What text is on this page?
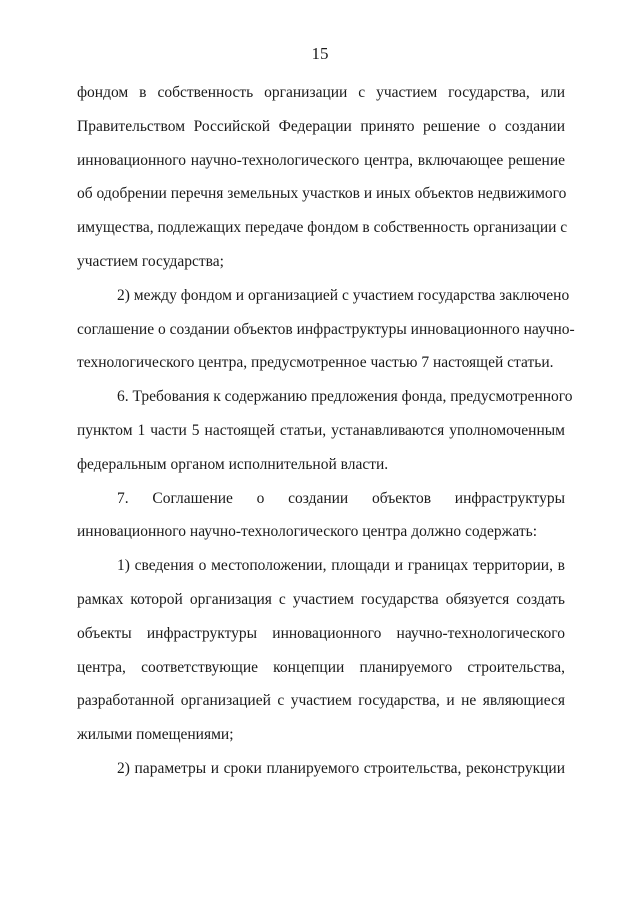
15
фондом в собственность организации с участием государства, или
Правительством Российской Федерации принято решение о создании
инновационного научно-технологического центра, включающее решение
об одобрении перечня земельных участков и иных объектов недвижимого
имущества, подлежащих передаче фондом в собственность организации с
участием государства;
2) между фондом и организацией с участием государства заключено
соглашение о создании объектов инфраструктуры инновационного научно-
технологического центра, предусмотренное частью 7 настоящей статьи.
6. Требования к содержанию предложения фонда, предусмотренного
пунктом 1 части 5 настоящей статьи, устанавливаются уполномоченным
федеральным органом исполнительной власти.
7. Соглашение о создании объектов инфраструктуры
инновационного научно-технологического центра должно содержать:
1) сведения о местоположении, площади и границах территории, в
рамках которой организация с участием государства обязуется создать
объекты инфраструктуры инновационного научно-технологического
центра, соответствующие концепции планируемого строительства,
разработанной организацией с участием государства, и не являющиеся
жилыми помещениями;
2) параметры и сроки планируемого строительства, реконструкции
